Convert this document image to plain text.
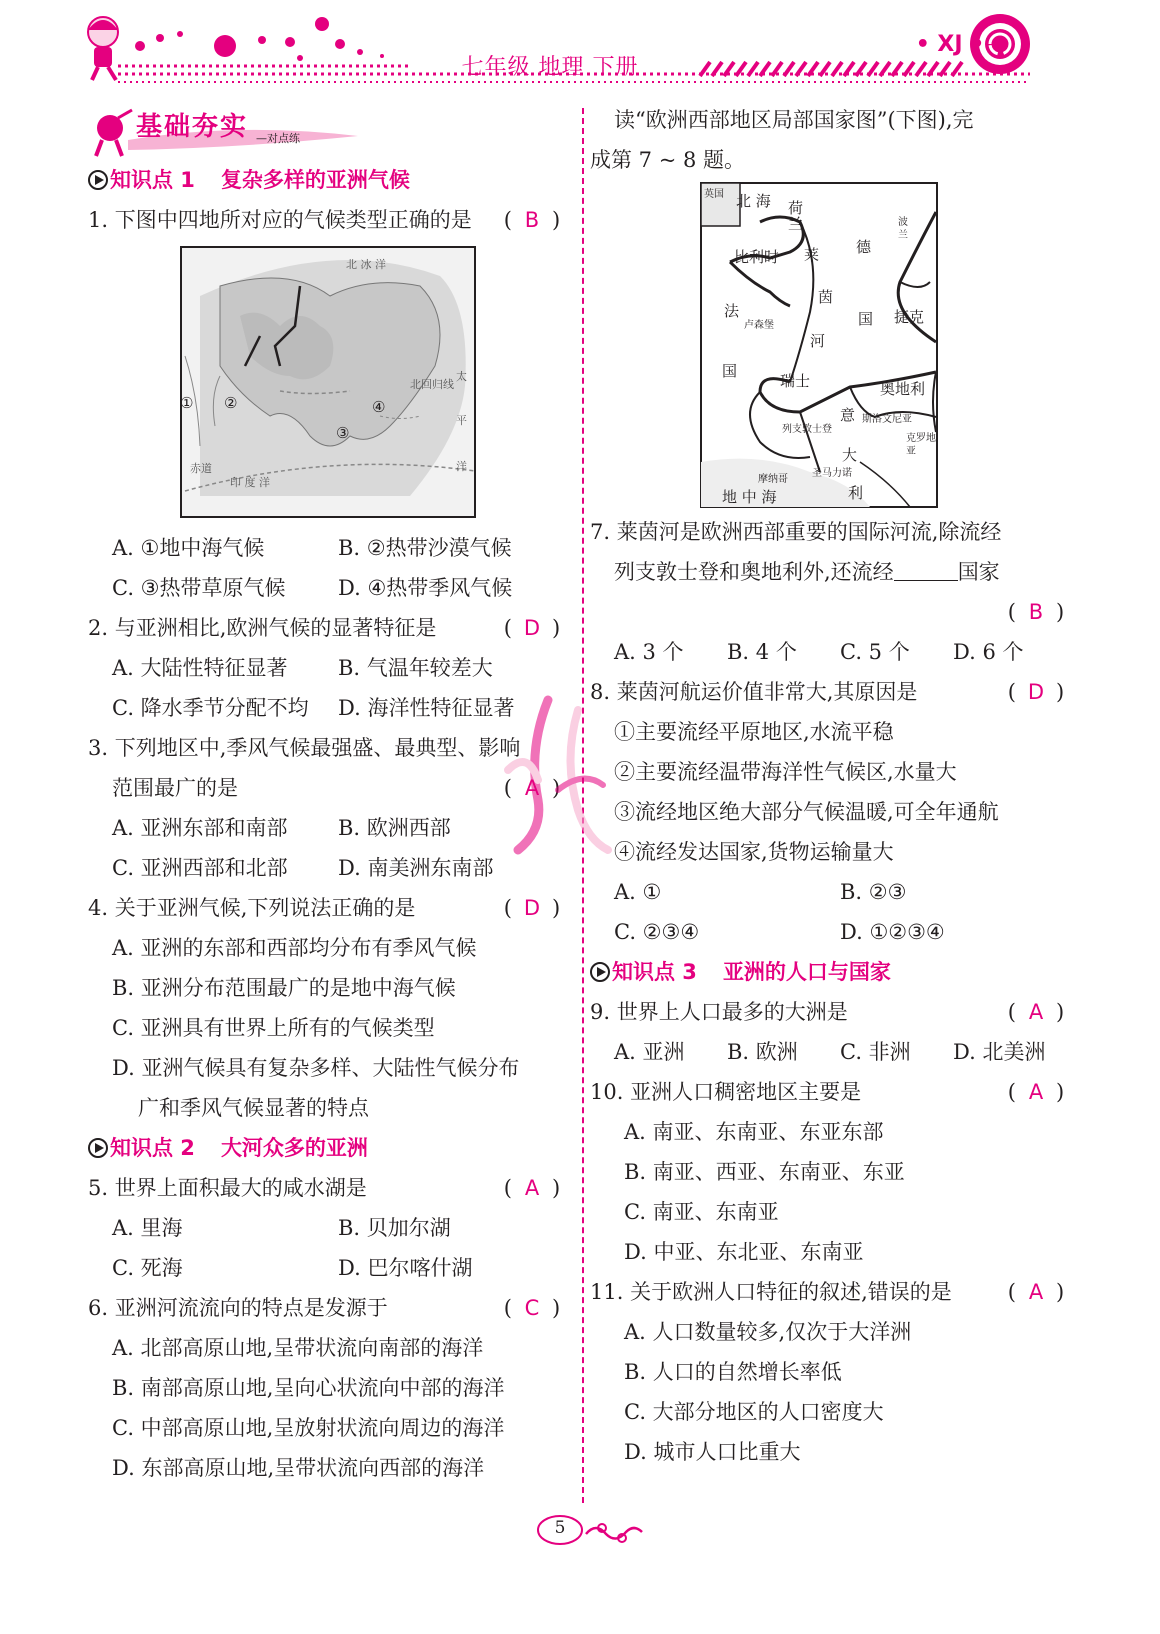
七年级 地理 下册
• XJ •
基础夯实 —对点练
知识点 1 复杂多样的亚洲气候
1. 下图中四地所对应的气候类型正确的是	( B )
北 冰 洋
北回归线
太
平
洋
赤道
印 度 洋
① ②
③
④
A. ①地中海气候	B. ②热带沙漠气候
C. ③热带草原气候	D. ④热带季风气候
2. 与亚洲相比,欧洲气候的显著特征是	( D )
A. 大陆性特征显著 B. 气温年较差大
C. 降水季节分配不均 D. 海洋性特征显著
3. 下列地区中,季风气候最强盛、最典型、影响
范围最广的是	( A )
A. 亚洲东部和南部 B. 欧洲西部
C. 亚洲西部和北部 D. 南美洲东南部
4. 关于亚洲气候,下列说法正确的是	( D )
A. 亚洲的东部和西部均分布有季风气候
B. 亚洲分布范围最广的是地中海气候
C. 亚洲具有世界上所有的气候类型
D. 亚洲气候具有复杂多样、大陆性气候分布
广和季风气候显著的特点
知识点 2 大河众多的亚洲
5. 世界上面积最大的咸水湖是	( A )
A. 里海	B. 贝加尔湖
C. 死海	D. 巴尔喀什湖
6. 亚洲河流流向的特点是发源于	( C )
A. 北部高原山地,呈带状流向南部的海洋
B. 南部高原山地,呈向心状流向中部的海洋
C. 中部高原山地,呈放射状流向周边的海洋
D. 东部高原山地,呈带状流向西部的海洋
读“欧洲西部地区局部国家图”(下图),完
成第 7 ~ 8 题。
英国 北 海 荷兰
德
波兰
比利时 莱
法
卢森堡
茵
国 捷克
河
国
瑞士	奥地利
意
列支敦士登
斯洛文尼亚
克罗地亚
大
摩纳哥
圣马力诺
地 中 海	利
7. 莱茵河是欧洲西部重要的国际河流,除流经
列支敦士登和奥地利外,还流经	国家
( B )
A. 3 个 B. 4 个 C. 5 个 D. 6 个
8. 莱茵河航运价值非常大,其原因是	( D )
①主要流经平原地区,水流平稳
②主要流经温带海洋性气候区,水量大
③流经地区绝大部分气候温暖,可全年通航
④流经发达国家,货物运输量大
A. ①	B. ②③
C. ②③④	D. ①②③④
知识点 3 亚洲的人口与国家
9. 世界上人口最多的大洲是	( A )
A. 亚洲 B. 欧洲 C. 非洲 D. 北美洲
10. 亚洲人口稠密地区主要是	( A )
A. 南亚、东南亚、东亚东部
B. 南亚、西亚、东南亚、东亚
C. 南亚、东南亚
D. 中亚、东北亚、东南亚
11. 关于欧洲人口特征的叙述,错误的是	( A )
A. 人口数量较多,仅次于大洋洲
B. 人口的自然增长率低
C. 大部分地区的人口密度大
D. 城市人口比重大
5
